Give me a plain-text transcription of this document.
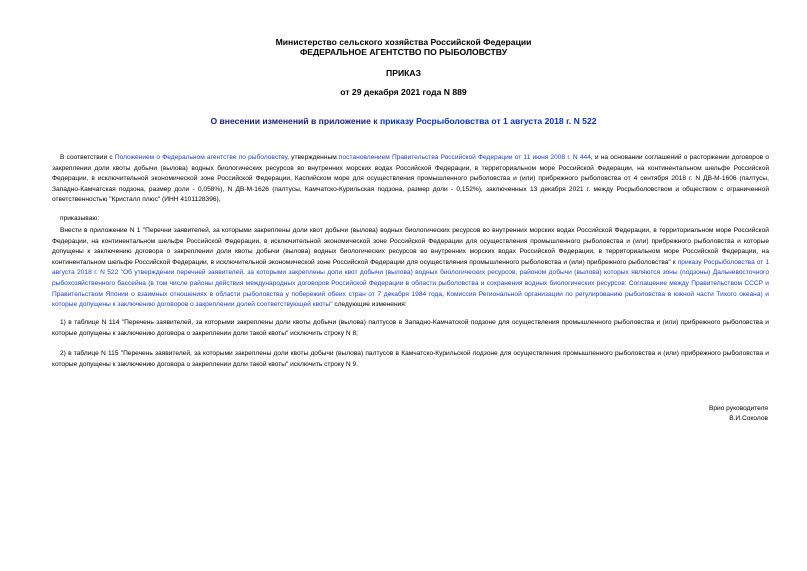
Министерство сельского хозяйства Российской Федерации
ФЕДЕРАЛЬНОЕ АГЕНТСТВО ПО РЫБОЛОВСТВУ
ПРИКАЗ
от 29 декабря 2021 года N 889
О внесении изменений в приложение к приказу Росрыболовства от 1 августа 2018 г. N 522

В соответствии с Положением о Федеральном агентстве по рыболовству, утвержденным постановлением Правительства Российской Федерации от 11 июня 2008 г. N 444, и на основании соглашений о расторжении договоров о закреплении доли квоты добычи (вылова) водных биологических ресурсов во внутренних морских водах Российской Федерации, в территориальном море Российской Федерации, на континентальном шельфе Российской Федерации, в исключительной экономической зоне Российской Федерации, Каспийском море для осуществления промышленного рыболовства и (или) прибрежного рыболовства от 4 сентября 2018 г. N ДВ-М-1606 (палтусы, Западно-Камчатская подзона, размер доли - 0,058%), N ДВ-М-1626 (палтусы, Камчатско-Курильская подзона, размер доли - 0,152%), заключенных 13 декабря 2021 г. между Росрыболовством и обществом с ограниченной ответственностью "Кристалл плюс" (ИНН 4101128396),

приказываю:

Внести в приложение N 1 "Перечни заявителей, за которыми закреплены доли квот добычи (вылова) водных биологических ресурсов во внутренних морских водах Российской Федерации, в территориальном море Российской Федерации, на континентальном шельфе Российской Федерации, в исключительной экономической зоне Российской Федерации для осуществления промышленного рыболовства и (или) прибрежного рыболовства и которые допущены к заключению договора о закреплении доли квоты добычи (вылова) водных биологических ресурсов во внутренних морских водах Российской Федерации, в территориальном море Российской Федерации, на континентальном шельфе Российской Федерации, в исключительной экономической зоне Российской Федерации для осуществления промышленного рыболовства и (или) прибрежного рыболовства" к приказу Росрыболовства от 1 августа 2018 г. N 522 "Об утверждении перечней заявителей, за которыми закреплены доли квот добычи (вылова) водных биологических ресурсов, районом добычи (вылова) которых являются зоны (подзоны) Дальневосточного рыбохозяйственного бассейна (в том числе районы действия международных договоров Российской Федерации в области рыболовства и сохранения водных биологических ресурсов: Соглашение между Правительством СССР и Правительством Японии о взаимных отношениях в области рыболовства у побережий обеих стран от 7 декабря 1984 года, Комиссия Региональной организации по регулированию рыболовства в южной части Тихого океана) и которые допущены к заключению договоров о закреплении долей соответствующей квоты" следующие изменения:

1) в таблице N 114 "Перечень заявителей, за которыми закреплены доли квоты добычи (вылова) палтусов в Западно-Камчатской подзоне для осуществления промышленного рыболовства и (или) прибрежного рыболовства и которые допущены к заключению договора о закреплении доли такой квоты" исключить строку N 8;

2) в таблице N 115 "Перечень заявителей, за которыми закреплены доли квоты добычи (вылова) палтусов в Камчатско-Курильской подзоне для осуществления промышленного рыболовства и (или) прибрежного рыболовства и которые допущены к заключению договора о закреплении доли такой квоты" исключить строку N 9.

Врио руководителя
В.И.Соколов
